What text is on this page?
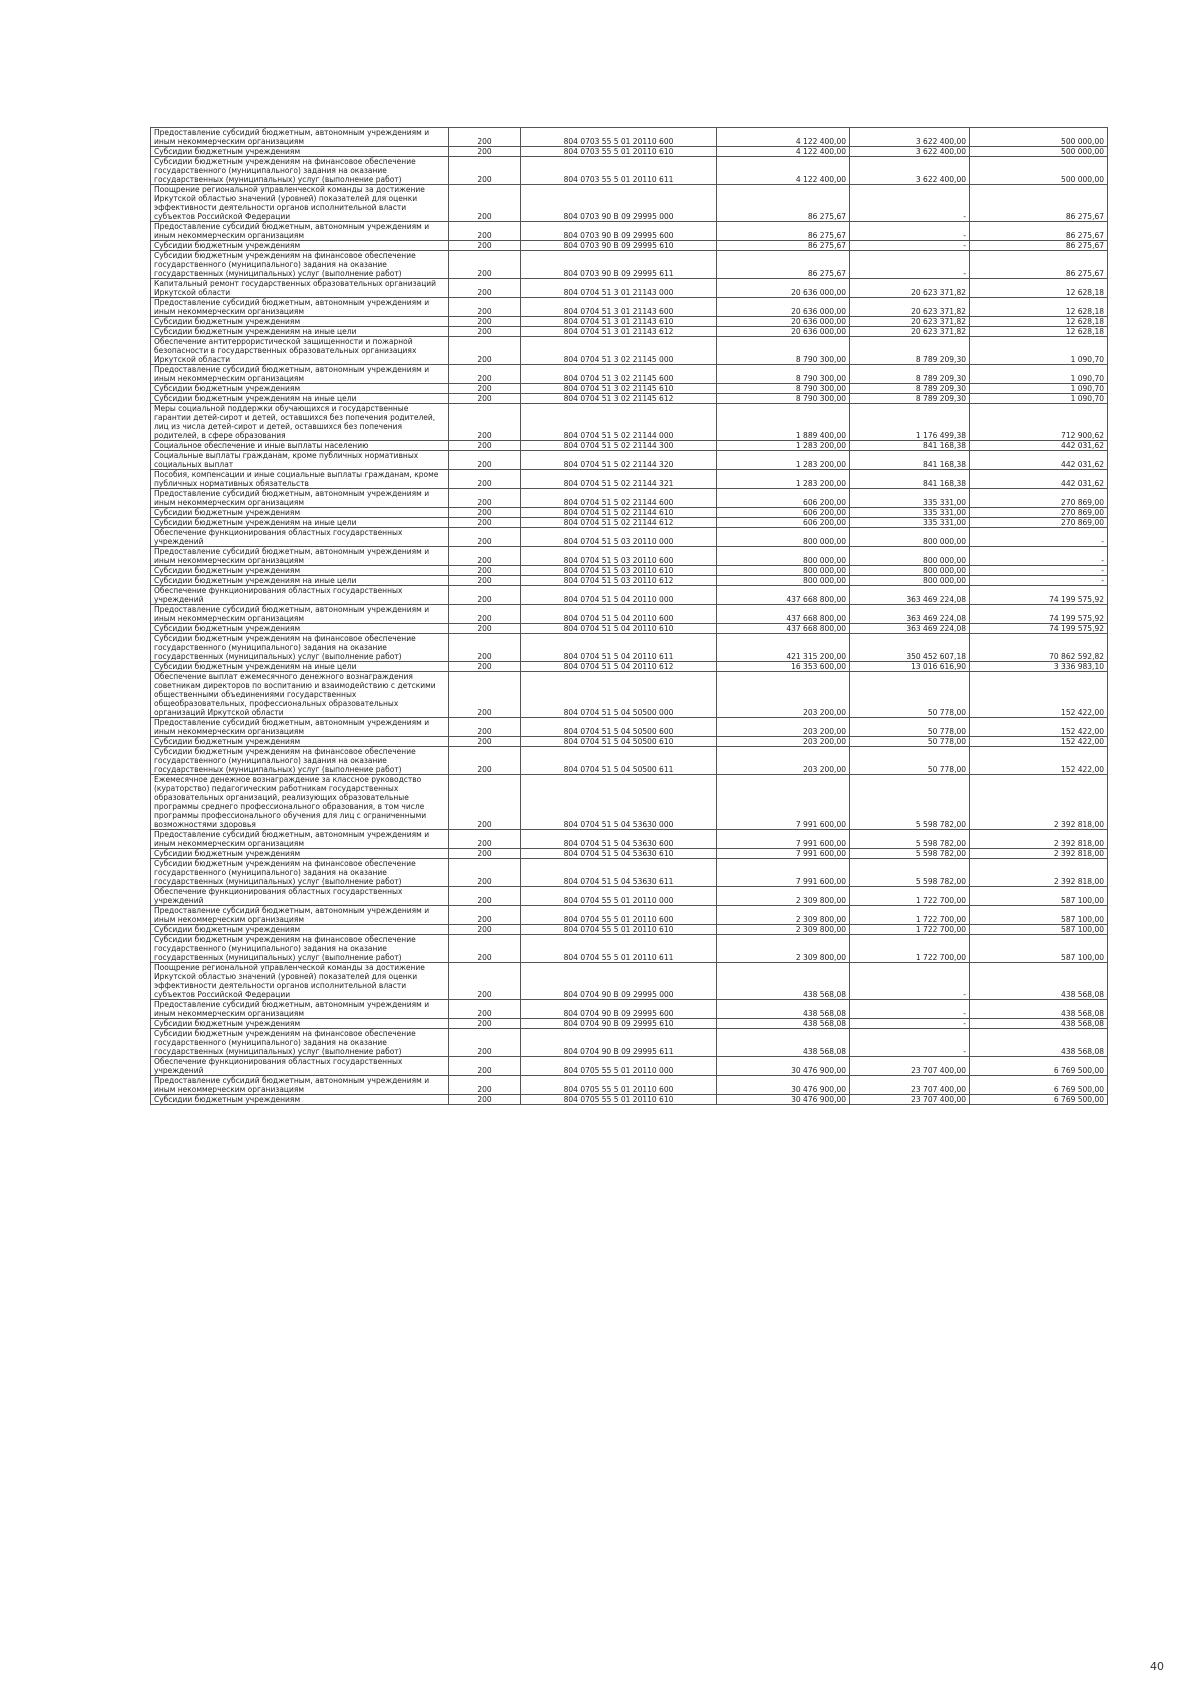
Предоставление субсидий бюджетным, автономным учреждениям и иным некоммерческим организациям	200	804 0703 55 5 01 20110 600	4 122 400,00	3 622 400,00	500 000,00
Субсидии бюджетным учреждениям	200	804 0703 55 5 01 20110 610	4 122 400,00	3 622 400,00	500 000,00
Субсидии бюджетным учреждениям на финансовое обеспечение государственного (муниципального) задания на оказание государственных (муниципальных) услуг (выполнение работ)	200	804 0703 55 5 01 20110 611	4 122 400,00	3 622 400,00	500 000,00
Поощрение региональной управленческой команды за достижение Иркутской областью значений (уровней) показателей для оценки эффективности деятельности органов исполнительной власти субъектов Российской Федерации	200	804 0703 90 В 09 29995 000	86 275,67	-	86 275,67
Предоставление субсидий бюджетным, автономным учреждениям и иным некоммерческим организациям	200	804 0703 90 В 09 29995 600	86 275,67	-	86 275,67
Субсидии бюджетным учреждениям	200	804 0703 90 В 09 29995 610	86 275,67	-	86 275,67
Субсидии бюджетным учреждениям на финансовое обеспечение государственного (муниципального) задания на оказание государственных (муниципальных) услуг (выполнение работ)	200	804 0703 90 В 09 29995 611	86 275,67	-	86 275,67
Капитальный ремонт государственных образовательных организаций Иркутской области	200	804 0704 51 3 01 21143 000	20 636 000,00	20 623 371,82	12 628,18
Предоставление субсидий бюджетным, автономным учреждениям и иным некоммерческим организациям	200	804 0704 51 3 01 21143 600	20 636 000,00	20 623 371,82	12 628,18
Субсидии бюджетным учреждениям	200	804 0704 51 3 01 21143 610	20 636 000,00	20 623 371,82	12 628,18
Субсидии бюджетным учреждениям на иные цели	200	804 0704 51 3 01 21143 612	20 636 000,00	20 623 371,82	12 628,18
Обеспечение антитеррористической защищенности и пожарной безопасности в государственных образовательных организациях Иркутской области	200	804 0704 51 3 02 21145 000	8 790 300,00	8 789 209,30	1 090,70
Предоставление субсидий бюджетным, автономным учреждениям и иным некоммерческим организациям	200	804 0704 51 3 02 21145 600	8 790 300,00	8 789 209,30	1 090,70
Субсидии бюджетным учреждениям	200	804 0704 51 3 02 21145 610	8 790 300,00	8 789 209,30	1 090,70
Субсидии бюджетным учреждениям на иные цели	200	804 0704 51 3 02 21145 612	8 790 300,00	8 789 209,30	1 090,70
Меры социальной поддержки обучающихся и государственные гарантии детей-сирот и детей, оставшихся без попечения родителей, лиц из числа детей-сирот и детей, оставшихся без попечения родителей, в сфере образования	200	804 0704 51 5 02 21144 000	1 889 400,00	1 176 499,38	712 900,62
Социальное обеспечение и иные выплаты населению	200	804 0704 51 5 02 21144 300	1 283 200,00	841 168,38	442 031,62
Социальные выплаты гражданам, кроме публичных нормативных социальных выплат	200	804 0704 51 5 02 21144 320	1 283 200,00	841 168,38	442 031,62
Пособия, компенсации и иные социальные выплаты гражданам, кроме публичных нормативных обязательств	200	804 0704 51 5 02 21144 321	1 283 200,00	841 168,38	442 031,62
Предоставление субсидий бюджетным, автономным учреждениям и иным некоммерческим организациям	200	804 0704 51 5 02 21144 600	606 200,00	335 331,00	270 869,00
Субсидии бюджетным учреждениям	200	804 0704 51 5 02 21144 610	606 200,00	335 331,00	270 869,00
Субсидии бюджетным учреждениям на иные цели	200	804 0704 51 5 02 21144 612	606 200,00	335 331,00	270 869,00
Обеспечение функционирования областных государственных учреждений	200	804 0704 51 5 03 20110 000	800 000,00	800 000,00	-
Предоставление субсидий бюджетным, автономным учреждениям и иным некоммерческим организациям	200	804 0704 51 5 03 20110 600	800 000,00	800 000,00	-
Субсидии бюджетным учреждениям	200	804 0704 51 5 03 20110 610	800 000,00	800 000,00	-
Субсидии бюджетным учреждениям на иные цели	200	804 0704 51 5 03 20110 612	800 000,00	800 000,00	-
Обеспечение функционирования областных государственных учреждений	200	804 0704 51 5 04 20110 000	437 668 800,00	363 469 224,08	74 199 575,92
Предоставление субсидий бюджетным, автономным учреждениям и иным некоммерческим организациям	200	804 0704 51 5 04 20110 600	437 668 800,00	363 469 224,08	74 199 575,92
Субсидии бюджетным учреждениям	200	804 0704 51 5 04 20110 610	437 668 800,00	363 469 224,08	74 199 575,92
Субсидии бюджетным учреждениям на финансовое обеспечение государственного (муниципального) задания на оказание государственных (муниципальных) услуг (выполнение работ)	200	804 0704 51 5 04 20110 611	421 315 200,00	350 452 607,18	70 862 592,82
Субсидии бюджетным учреждениям на иные цели	200	804 0704 51 5 04 20110 612	16 353 600,00	13 016 616,90	3 336 983,10
Обеспечение выплат ежемесячного денежного вознаграждения советникам директоров по воспитанию и взаимодействию с детскими общественными объединениями государственных общеобразовательных, профессиональных образовательных организаций Иркутской области	200	804 0704 51 5 04 50500 000	203 200,00	50 778,00	152 422,00
Предоставление субсидий бюджетным, автономным учреждениям и иным некоммерческим организациям	200	804 0704 51 5 04 50500 600	203 200,00	50 778,00	152 422,00
Субсидии бюджетным учреждениям	200	804 0704 51 5 04 50500 610	203 200,00	50 778,00	152 422,00
Субсидии бюджетным учреждениям на финансовое обеспечение государственного (муниципального) задания на оказание государственных (муниципальных) услуг (выполнение работ)	200	804 0704 51 5 04 50500 611	203 200,00	50 778,00	152 422,00
Ежемесячное денежное вознаграждение за классное руководство (кураторство) педагогическим работникам государственных образовательных организаций, реализующих образовательные программы среднего профессионального образования, в том числе программы профессионального обучения для лиц с ограниченными возможностями здоровья	200	804 0704 51 5 04 53630 000	7 991 600,00	5 598 782,00	2 392 818,00
Предоставление субсидий бюджетным, автономным учреждениям и иным некоммерческим организациям	200	804 0704 51 5 04 53630 600	7 991 600,00	5 598 782,00	2 392 818,00
Субсидии бюджетным учреждениям	200	804 0704 51 5 04 53630 610	7 991 600,00	5 598 782,00	2 392 818,00
Субсидии бюджетным учреждениям на финансовое обеспечение государственного (муниципального) задания на оказание государственных (муниципальных) услуг (выполнение работ)	200	804 0704 51 5 04 53630 611	7 991 600,00	5 598 782,00	2 392 818,00
Обеспечение функционирования областных государственных учреждений	200	804 0704 55 5 01 20110 000	2 309 800,00	1 722 700,00	587 100,00
Предоставление субсидий бюджетным, автономным учреждениям и иным некоммерческим организациям	200	804 0704 55 5 01 20110 600	2 309 800,00	1 722 700,00	587 100,00
Субсидии бюджетным учреждениям	200	804 0704 55 5 01 20110 610	2 309 800,00	1 722 700,00	587 100,00
Субсидии бюджетным учреждениям на финансовое обеспечение государственного (муниципального) задания на оказание государственных (муниципальных) услуг (выполнение работ)	200	804 0704 55 5 01 20110 611	2 309 800,00	1 722 700,00	587 100,00
Поощрение региональной управленческой команды за достижение Иркутской областью значений (уровней) показателей для оценки эффективности деятельности органов исполнительной власти субъектов Российской Федерации	200	804 0704 90 В 09 29995 000	438 568,08	-	438 568,08
Предоставление субсидий бюджетным, автономным учреждениям и иным некоммерческим организациям	200	804 0704 90 В 09 29995 600	438 568,08	-	438 568,08
Субсидии бюджетным учреждениям	200	804 0704 90 В 09 29995 610	438 568,08	-	438 568,08
Субсидии бюджетным учреждениям на финансовое обеспечение государственного (муниципального) задания на оказание государственных (муниципальных) услуг (выполнение работ)	200	804 0704 90 В 09 29995 611	438 568,08	-	438 568,08
Обеспечение функционирования областных государственных учреждений	200	804 0705 55 5 01 20110 000	30 476 900,00	23 707 400,00	6 769 500,00
Предоставление субсидий бюджетным, автономным учреждениям и иным некоммерческим организациям	200	804 0705 55 5 01 20110 600	30 476 900,00	23 707 400,00	6 769 500,00
Субсидии бюджетным учреждениям	200	804 0705 55 5 01 20110 610	30 476 900,00	23 707 400,00	6 769 500,00
40
